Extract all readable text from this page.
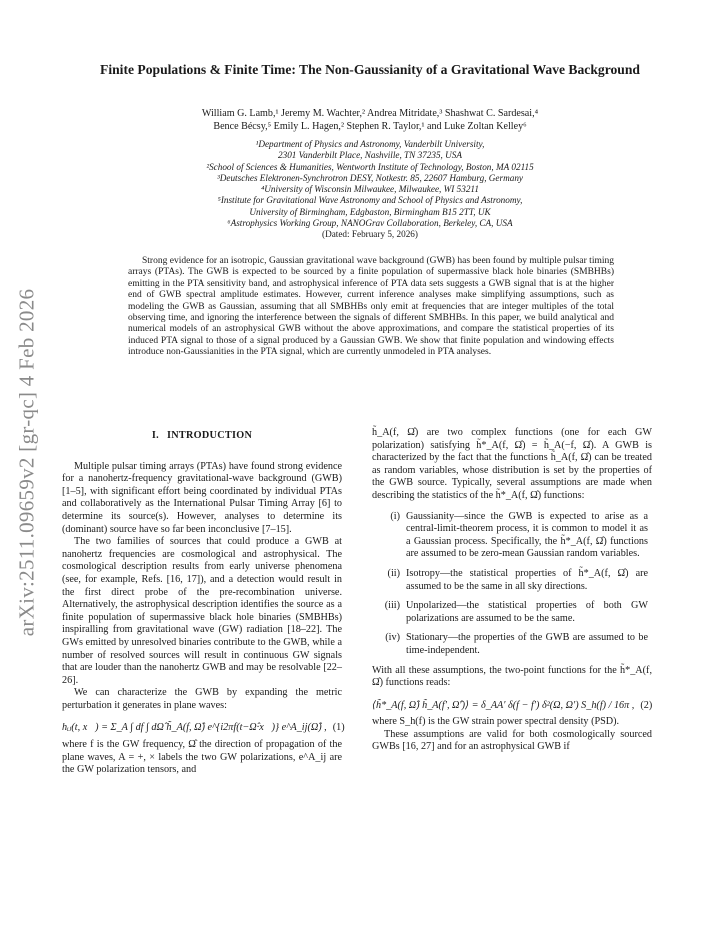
arXiv:2511.09659v2 [gr-qc] 4 Feb 2026
Finite Populations & Finite Time: The Non-Gaussianity of a Gravitational Wave Background
William G. Lamb,¹ Jeremy M. Wachter,² Andrea Mitridate,³ Shashwat C. Sardesai,⁴
Bence Bécsy,⁵ Emily L. Hagen,² Stephen R. Taylor,¹ and Luke Zoltan Kelley⁶
¹Department of Physics and Astronomy, Vanderbilt University,
2301 Vanderbilt Place, Nashville, TN 37235, USA
²School of Sciences & Humanities, Wentworth Institute of Technology, Boston, MA 02115
³Deutsches Elektronen-Synchrotron DESY, Notkestr. 85, 22607 Hamburg, Germany
⁴University of Wisconsin Milwaukee, Milwaukee, WI 53211
⁵Institute for Gravitational Wave Astronomy and School of Physics and Astronomy,
University of Birmingham, Edgbaston, Birmingham B15 2TT, UK
⁶Astrophysics Working Group, NANOGrav Collaboration, Berkeley, CA, USA
(Dated: February 5, 2026)
Strong evidence for an isotropic, Gaussian gravitational wave background (GWB) has been found by multiple pulsar timing arrays (PTAs). The GWB is expected to be sourced by a finite population of supermassive black hole binaries (SMBHBs) emitting in the PTA sensitivity band, and astrophysical inference of PTA data sets suggests a GWB signal that is at the higher end of GWB spectral amplitude estimates. However, current inference analyses make simplifying assumptions, such as modeling the GWB as Gaussian, assuming that all SMBHBs only emit at frequencies that are integer multiples of the total observing time, and ignoring the interference between the signals of different SMBHBs. In this paper, we build analytical and numerical models of an astrophysical GWB without the above approximations, and compare the statistical properties of its induced PTA signal to those of a signal produced by a Gaussian GWB. We show that finite population and windowing effects introduce non-Gaussianities in the PTA signal, which are currently unmodeled in PTA analyses.
I. INTRODUCTION

Multiple pulsar timing arrays (PTAs) have found strong evidence for a nanohertz-frequency gravitational-wave background (GWB) [1–5], with significant effort being coordinated by individual PTAs and collaboratively as the International Pulsar Timing Array [6] to determine its source(s). However, analyses to determine its (dominant) source have so far been inconclusive [7–15].

The two families of sources that could produce a GWB at nanohertz frequencies are cosmological and astrophysical. The cosmological description results from early universe phenomena (see, for example, Refs. [16, 17]), and a detection would result in the first direct probe of the pre-recombination universe. Alternatively, the astrophysical description identifies the source as a finite population of supermassive black hole binaries (SMBHBs) inspiralling from gravitational wave (GW) radiation [18–22]. The GWs emitted by unresolved binaries contribute to the GWB, while a number of resolved sources will result in continuous GW signals that are louder than the nanohertz GWB and may be resolvable [22–26].

We can characterize the GWB by expanding the metric perturbation it generates in plane waves:

hᵢⱼ(t, x⃗) = Σ_A ∫ df ∫ dΩ̂ h̃_A(f, Ω̂) e^{i2πf(t−Ω̂·x⃗)} e^A_ij(Ω̂) , (1)

where f is the GW frequency, Ω̂ the direction of propagation of the plane waves, A = +, × labels the two GW polarizations, e^A_ij are the GW polarization tensors, and

h̃_A(f, Ω̂) are two complex functions (one for each GW polarization) satisfying h̃*_A(f, Ω̂) = h̃_A(−f, Ω̂). A GWB is characterized by the fact that the functions h̃_A(f, Ω̂) can be treated as random variables, whose distribution is set by the properties of the GWB source. Typically, several assumptions are made when describing the statistics of the h̃*_A(f, Ω̂) functions:

(i) Gaussianity—since the GWB is expected to arise as a central-limit-theorem process, it is common to model it as a Gaussian process. Specifically, the h̃*_A(f, Ω̂) functions are assumed to be zero-mean Gaussian random variables.
(ii) Isotropy—the statistical properties of h̃*_A(f, Ω̂) are assumed to be the same in all sky directions.
(iii) Unpolarized—the statistical properties of both GW polarizations are assumed to be the same.
(iv) Stationary—the properties of the GWB are assumed to be time-independent.

With all these assumptions, the two-point functions for the h̃*_A(f, Ω̂) functions reads:

⟨h̃*_A(f, Ω̂) h̃_A(f′, Ω̂′)⟩ = δ_AA′ δ(f − f′) δ²(Ω, Ω′) S_h(f) / 16π , (2)

where S_h(f) is the GW strain power spectral density (PSD).

These assumptions are valid for both cosmologically sourced GWBs [16, 27] and for an astrophysical GWB if
